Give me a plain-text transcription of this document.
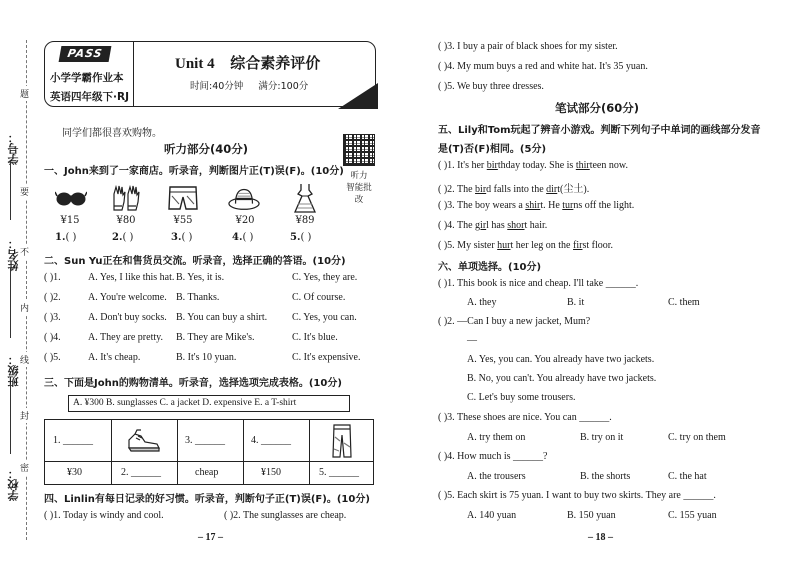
题
要
不
内
线
封
密
学号：
姓名：
班级：
学校：
PASS
小学学霸作业本
英语四年级下·RJ
Unit 4 综合素养评价
时间:40分钟 满分:100分
同学们都很喜欢购物。
听力部分(40分)
听力
智能批改
一、John来到了一家商店。听录音，判断图片正(T)误(F)。(10分)
¥15	¥80	¥55	¥20	¥89
1.( )	2.( )	3.( )	4.( )	5.( )
二、Sun Yu正在和售货员交流。听录音，选择正确的答语。(10分)
( )1.	A. Yes, I like this hat. B. Yes, it is.	C. Yes, they are.
( )2.	A. You're welcome. B. Thanks.	C. Of course.
( )3.	A. Don't buy socks. B. You can buy a shirt. C. Yes, you can.
( )4.	A. They are pretty. B. They are Mike's.	C. It's blue.
( )5.	A. It's cheap.	B. It's 10 yuan.	C. It's expensive.
三、下面是John的购物清单。听录音，选择选项完成表格。(10分)
A. ¥300 B. sunglasses C. a jacket D. expensive E. a T-shirt
1. ______	3. ______	4. ______
¥30	2. ______	cheap	¥150	5. ______
四、Linlin有每日记录的好习惯。听录音，判断句子正(T)误(F)。(10分)
( )1. Today is windy and cool.	( )2. The sunglasses are cheap.
– 17 –
( )3. I buy a pair of black shoes for my sister.
( )4. My mum buys a red and white hat. It's 35 yuan.
( )5. We buy three dresses.
笔试部分(60分)
五、Lily和Tom玩起了辨音小游戏。判断下列句子中单词的画线部分发音
是(T)否(F)相同。(5分)
( )1. It's her birthday today. She is thirteen now.
( )2. The bird falls into the dirt(尘土).
( )3. The boy wears a shirt. He turns off the light.
( )4. The girl has short hair.
( )5. My sister hurt her leg on the first floor.
六、单项选择。(10分)
( )1. This book is nice and cheap. I'll take ______.
A. they	B. it	C. them
( )2. —Can I buy a new jacket, Mum?
—
A. Yes, you can. You already have two jackets.
B. No, you can't. You already have two jackets.
C. Let's buy some trousers.
( )3. These shoes are nice. You can ______.
A. try them on	B. try on it	C. try on them
( )4. How much is ______?
A. the trousers	B. the shorts	C. the hat
( )5. Each skirt is 75 yuan. I want to buy two skirts. They are ______.
A. 140 yuan	B. 150 yuan	C. 155 yuan
– 18 –
